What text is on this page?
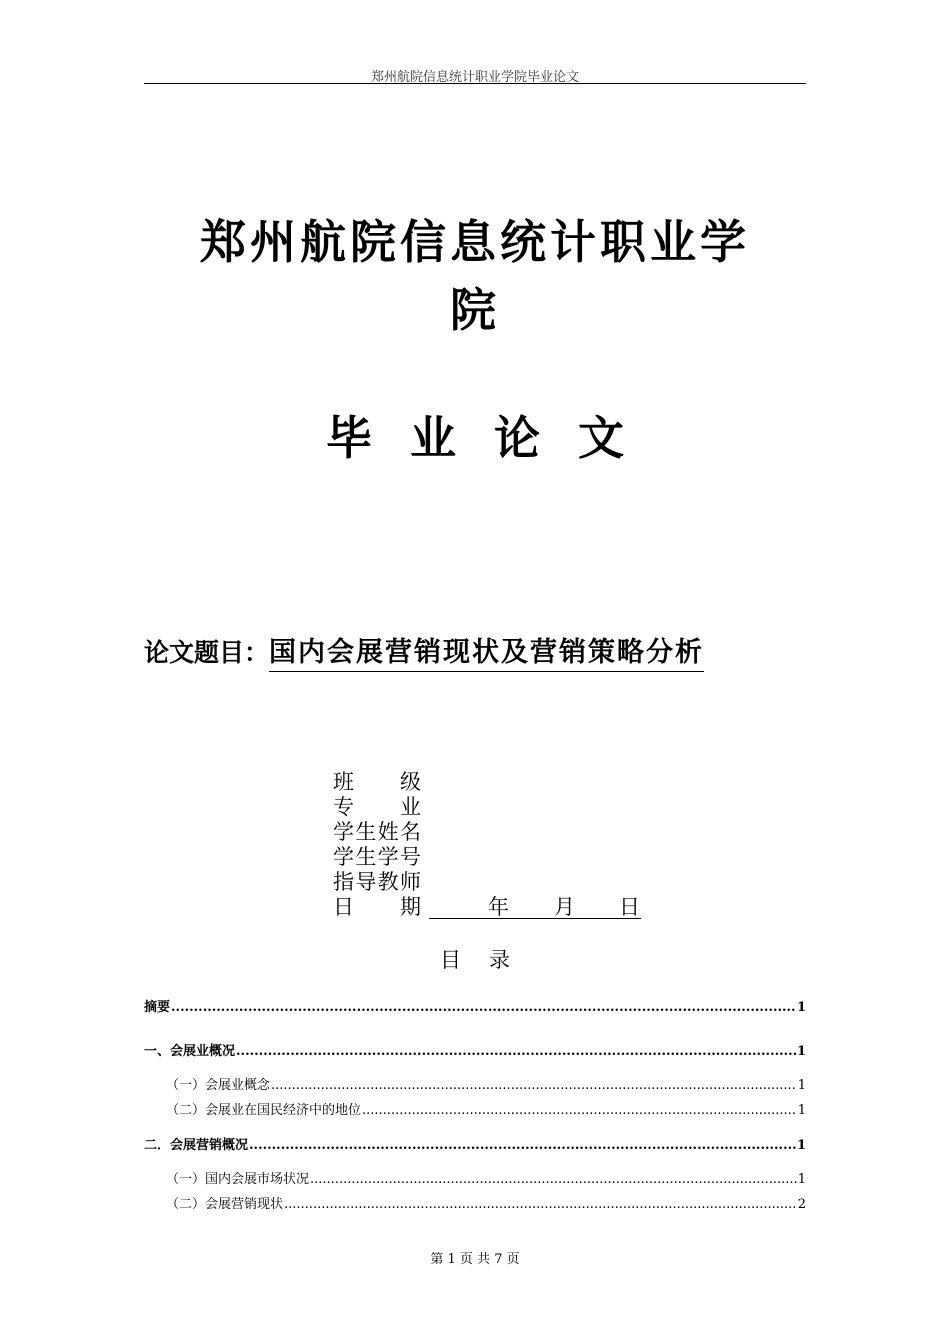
郑州航院信息统计职业学院毕业论文
郑州航院信息统计职业学
院
毕业论文
论文题目：国内会展营销现状及营销策略分析
班级
专业
学生姓名
学生学号
指导教师
日期	年 月 日
目录
摘要 .....	1
一、会展业概况 .....	1
（一）会展业概念 .....	1
（二）会展业在国民经济中的地位 .....	1
二．会展营销概况 .....	1
（一）国内会展市场状况 .....	1
（二）会展营销现状 .....	2
第 1 页 共 7 页
